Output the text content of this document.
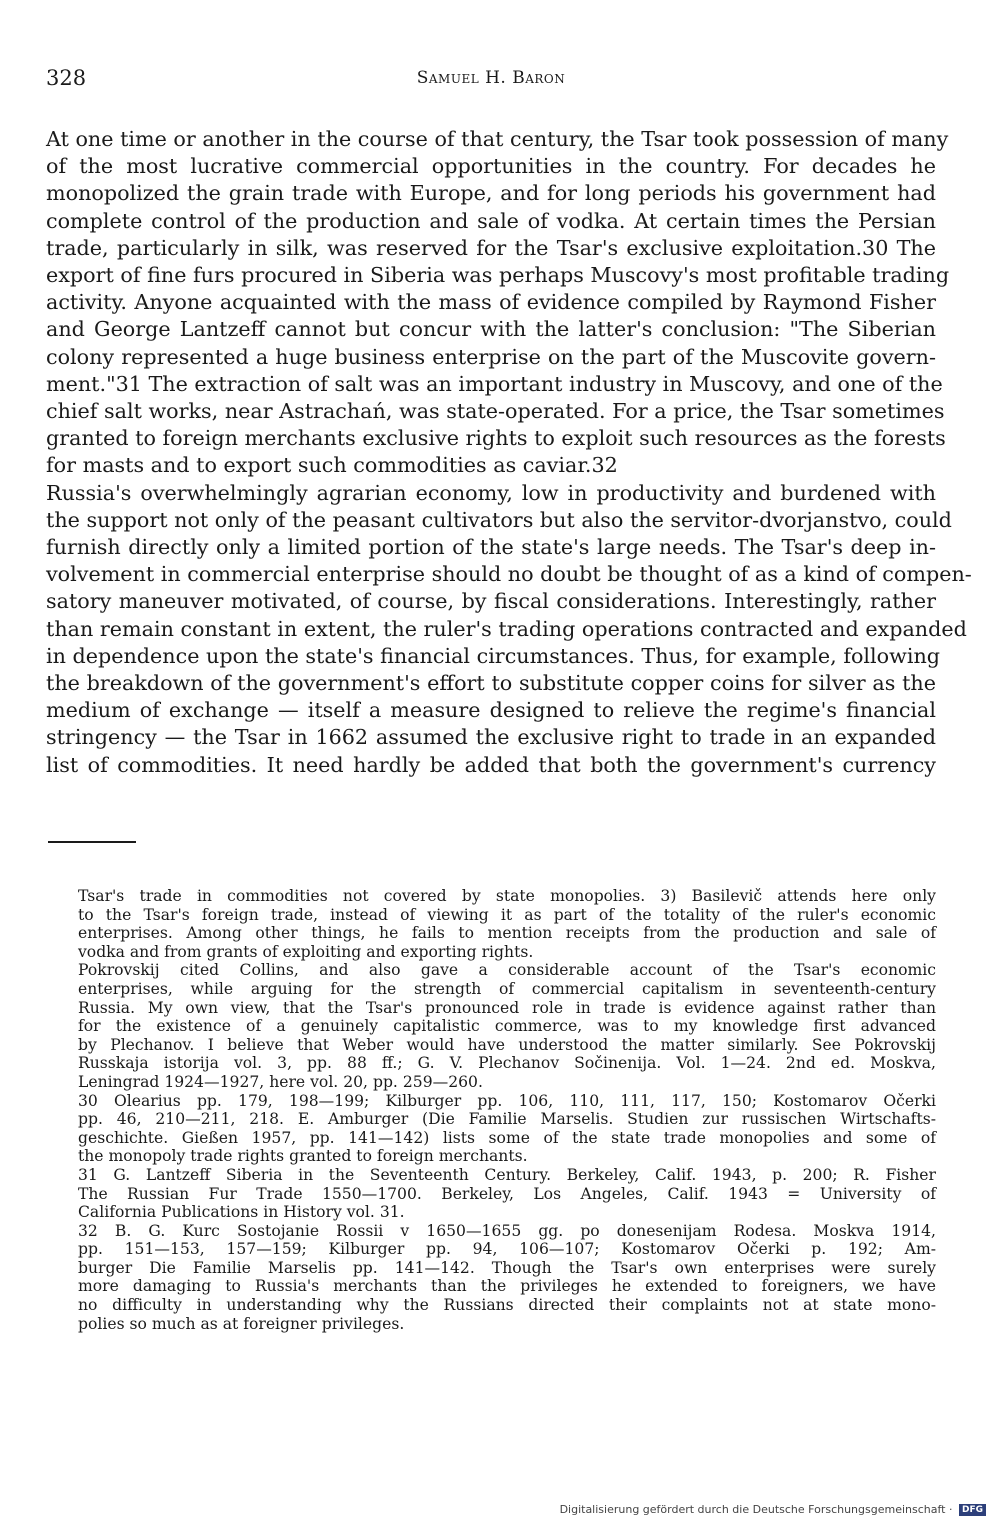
328	Samuel H. Baron

At one time or another in the course of that century, the Tsar took possession of many
of the most lucrative commercial opportunities in the country. For decades he
monopolized the grain trade with Europe, and for long periods his government had
complete control of the production and sale of vodka. At certain times the Persian
trade, particularly in silk, was reserved for the Tsar's exclusive exploitation.30 The
export of fine furs procured in Siberia was perhaps Muscovy's most profitable trading
activity. Anyone acquainted with the mass of evidence compiled by Raymond Fisher
and George Lantzeff cannot but concur with the latter's conclusion: "The Siberian
colony represented a huge business enterprise on the part of the Muscovite govern-
ment."31 The extraction of salt was an important industry in Muscovy, and one of the
chief salt works, near Astrachań, was state-operated. For a price, the Tsar sometimes
granted to foreign merchants exclusive rights to exploit such resources as the forests
for masts and to export such commodities as caviar.32

Russia's overwhelmingly agrarian economy, low in productivity and burdened with
the support not only of the peasant cultivators but also the servitor-dvorjanstvo, could
furnish directly only a limited portion of the state's large needs. The Tsar's deep in-
volvement in commercial enterprise should no doubt be thought of as a kind of compen-
satory maneuver motivated, of course, by fiscal considerations. Interestingly, rather
than remain constant in extent, the ruler's trading operations contracted and expanded
in dependence upon the state's financial circumstances. Thus, for example, following
the breakdown of the government's effort to substitute copper coins for silver as the
medium of exchange — itself a measure designed to relieve the regime's financial
stringency — the Tsar in 1662 assumed the exclusive right to trade in an expanded
list of commodities. It need hardly be added that both the government's currency

Tsar's trade in commodities not covered by state monopolies. 3) Basilevič attends here only
to the Tsar's foreign trade, instead of viewing it as part of the totality of the ruler's economic
enterprises. Among other things, he fails to mention receipts from the production and sale of
vodka and from grants of exploiting and exporting rights.

Pokrovskij cited Collins, and also gave a considerable account of the Tsar's economic
enterprises, while arguing for the strength of commercial capitalism in seventeenth-century
Russia. My own view, that the Tsar's pronounced role in trade is evidence against rather than
for the existence of a genuinely capitalistic commerce, was to my knowledge first advanced
by Plechanov. I believe that Weber would have understood the matter similarly. See Pokrovskij
Russkaja istorija vol. 3, pp. 88 ff.; G. V. Plechanov Sočinenija. Vol. 1—24. 2nd ed. Moskva,
Leningrad 1924—1927, here vol. 20, pp. 259—260.

30 Olearius pp. 179, 198—199; Kilburger pp. 106, 110, 111, 117, 150; Kostomarov Očerki
pp. 46, 210—211, 218. E. Amburger (Die Familie Marselis. Studien zur russischen Wirtschafts-
geschichte. Gießen 1957, pp. 141—142) lists some of the state trade monopolies and some of
the monopoly trade rights granted to foreign merchants.

31 G. Lantzeff Siberia in the Seventeenth Century. Berkeley, Calif. 1943, p. 200; R. Fisher
The Russian Fur Trade 1550—1700. Berkeley, Los Angeles, Calif. 1943 = University of
California Publications in History vol. 31.

32 B. G. Kurc Sostojanie Rossii v 1650—1655 gg. po donesenijam Rodesa. Moskva 1914,
pp. 151—153, 157—159; Kilburger pp. 94, 106—107; Kostomarov Očerki p. 192; Am-
burger Die Familie Marselis pp. 141—142. Though the Tsar's own enterprises were surely
more damaging to Russia's merchants than the privileges he extended to foreigners, we have
no difficulty in understanding why the Russians directed their complaints not at state mono-
polies so much as at foreigner privileges.

Digitalisierung gefördert durch die Deutsche Forschungsgemeinschaft · DFG
